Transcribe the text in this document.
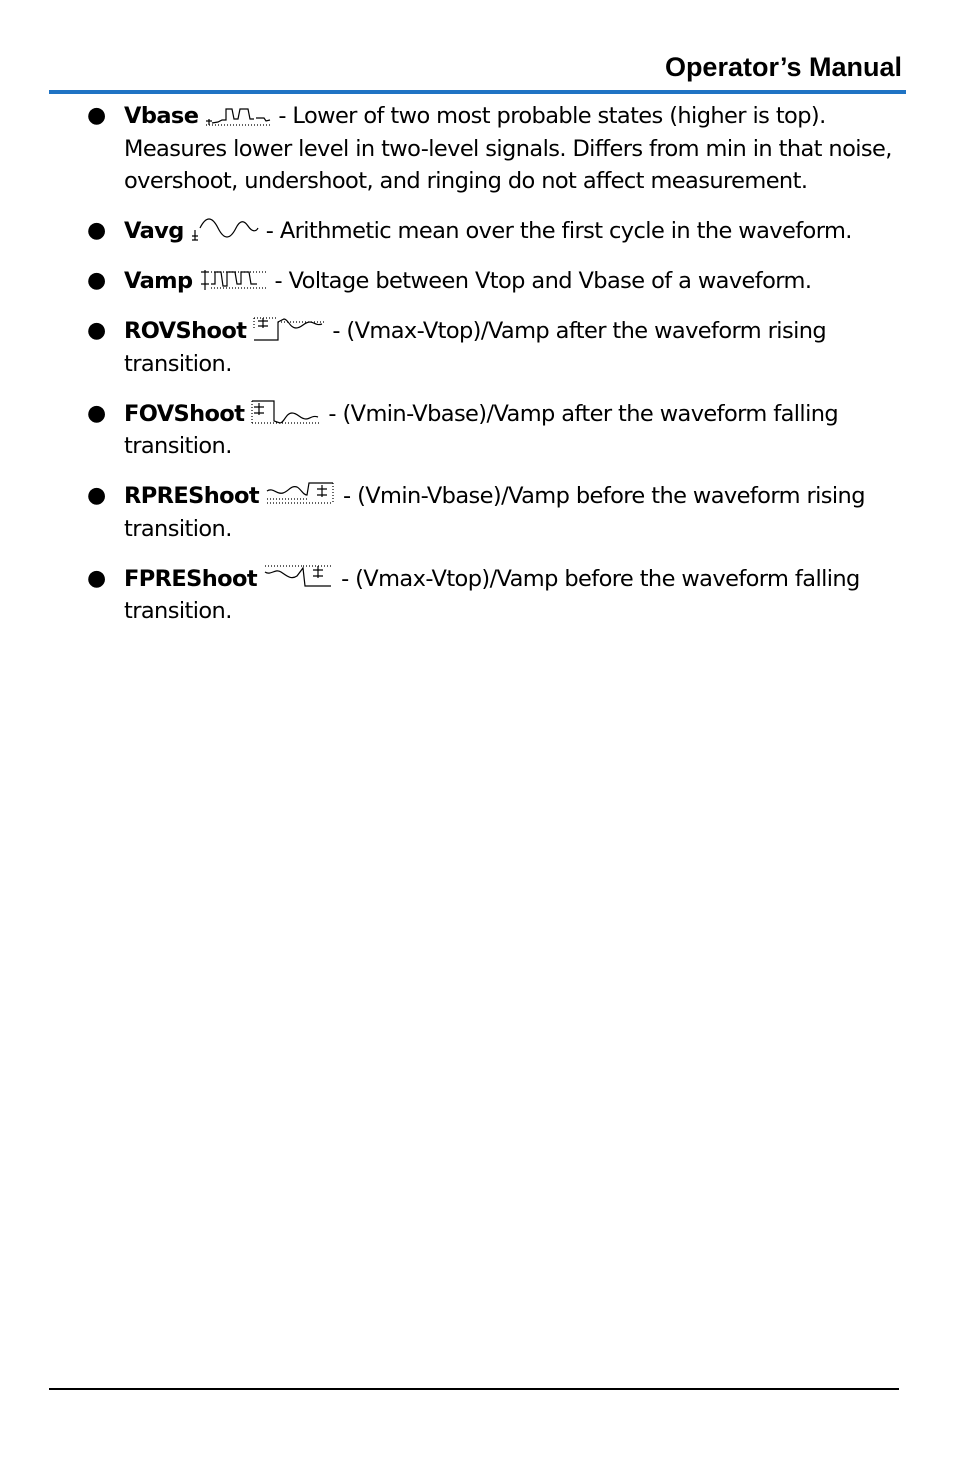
Operator’s Manual
● Vbase	- Lower of two most probable states (higher is top). Measures lower level in two-level signals. Differs from min in that noise, overshoot, undershoot, and ringing do not affect measurement.
● Vavg	- Arithmetic mean over the first cycle in the waveform.
● Vamp	- Voltage between Vtop and Vbase of a waveform.
● ROVShoot	- (Vmax-Vtop)/Vamp after the waveform rising transition.
● FOVShoot	- (Vmin-Vbase)/Vamp after the waveform falling transition.
● RPREShoot	- (Vmin-Vbase)/Vamp before the waveform rising transition.
● FPREShoot	- (Vmax-Vtop)/Vamp before the waveform falling transition.
